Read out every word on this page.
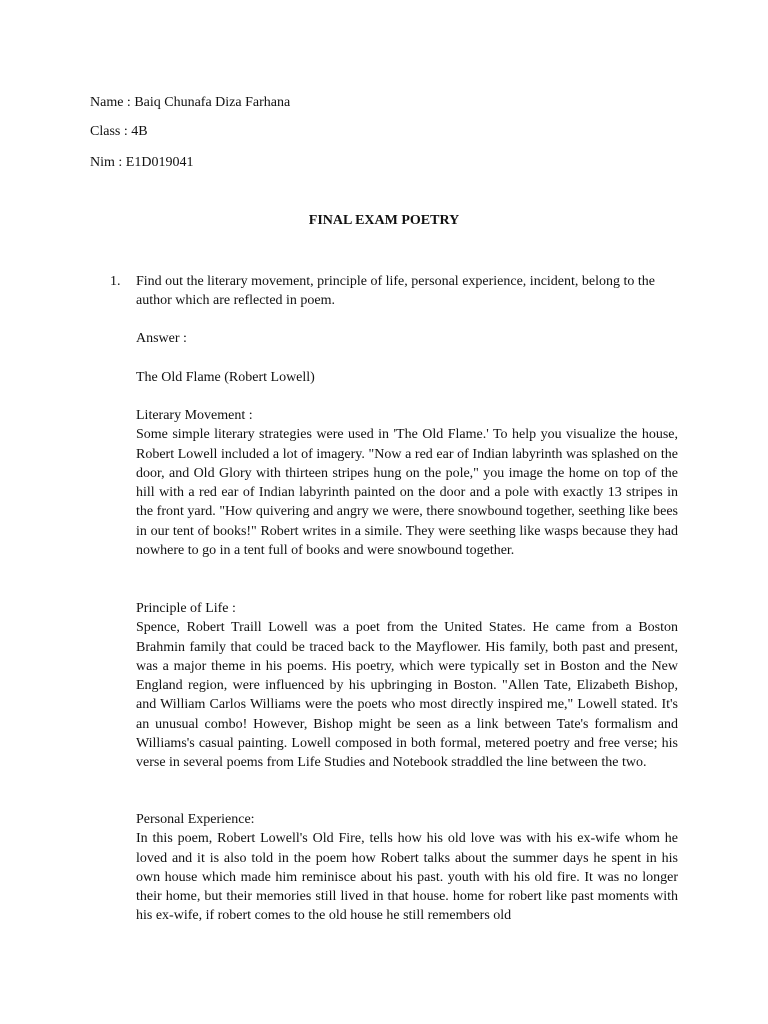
Name : Baiq Chunafa Diza Farhana
Class : 4B
Nim : E1D019041
FINAL EXAM POETRY
1. Find out the literary movement, principle of life, personal experience, incident, belong to the author which are reflected in poem.
Answer :
The Old Flame (Robert Lowell)
Literary Movement :

Some simple literary strategies were used in 'The Old Flame.' To help you visualize the house, Robert Lowell included a lot of imagery. "Now a red ear of Indian labyrinth was splashed on the door, and Old Glory with thirteen stripes hung on the pole," you image the home on top of the hill with a red ear of Indian labyrinth painted on the door and a pole with exactly 13 stripes in the front yard. "How quivering and angry we were, there snowbound together, seething like bees in our tent of books!" Robert writes in a simile. They were seething like wasps because they had nowhere to go in a tent full of books and were snowbound together.

Principle of Life :

Spence, Robert Traill Lowell was a poet from the United States. He came from a Boston Brahmin family that could be traced back to the Mayflower. His family, both past and present, was a major theme in his poems. His poetry, which were typically set in Boston and the New England region, were influenced by his upbringing in Boston. "Allen Tate, Elizabeth Bishop, and William Carlos Williams were the poets who most directly inspired me," Lowell stated. It's an unusual combo! However, Bishop might be seen as a link between Tate's formalism and Williams's casual painting. Lowell composed in both formal, metered poetry and free verse; his verse in several poems from Life Studies and Notebook straddled the line between the two.

Personal Experience:

In this poem, Robert Lowell's Old Fire, tells how his old love was with his ex-wife whom he loved and it is also told in the poem how Robert talks about the summer days he spent in his own house which made him reminisce about his past. youth with his old fire. It was no longer their home, but their memories still lived in that house. home for robert like past moments with his ex-wife, if robert comes to the old house he still remembers old
